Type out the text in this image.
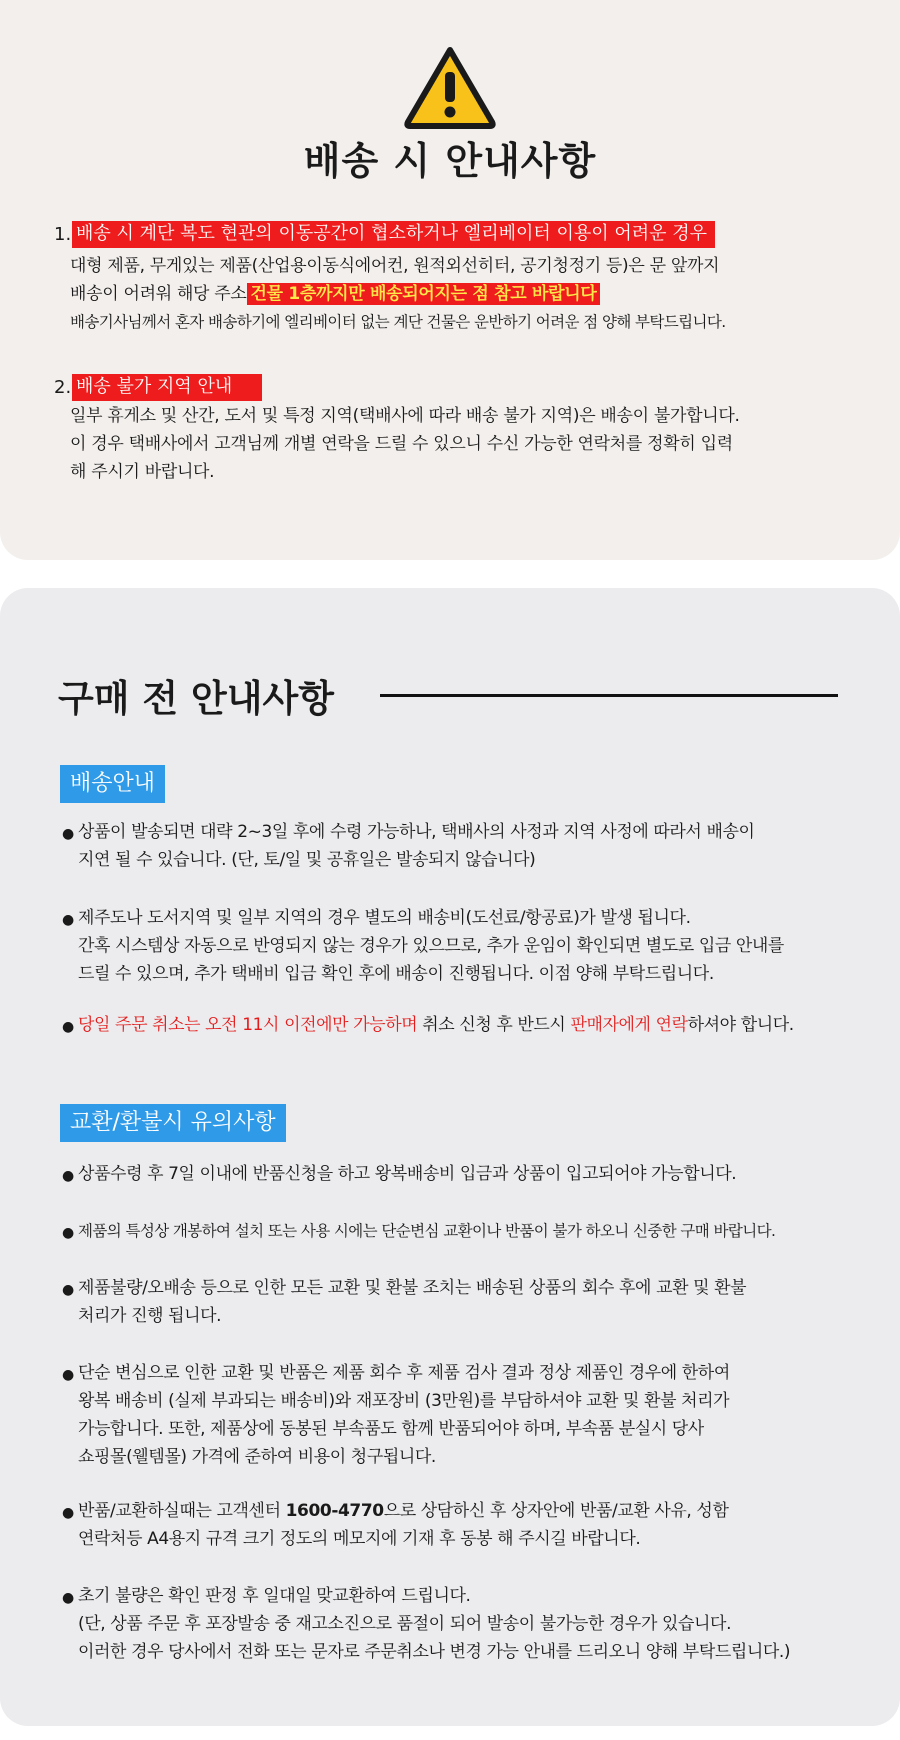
배송 시 안내사항
1. 배송 시 계단 복도 현관의 이동공간이 협소하거나 엘리베이터 이용이 어려운 경우
대형 제품, 무게있는 제품(산업용이동식에어컨, 원적외선히터, 공기청정기 등)은 문 앞까지
배송이 어려워 해당 주소 건물 1층까지만 배송되어지는 점 참고 바랍니다
배송기사님께서 혼자 배송하기에 엘리베이터 없는 계단 건물은 운반하기 어려운 점 양해 부탁드립니다.
2. 배송 불가 지역 안내
일부 휴게소 및 산간, 도서 및 특정 지역(택배사에 따라 배송 불가 지역)은 배송이 불가합니다.
이 경우 택배사에서 고객님께 개별 연락을 드릴 수 있으니 수신 가능한 연락처를 정확히 입력
해 주시기 바랍니다.
구매 전 안내사항
배송안내
● 상품이 발송되면 대략 2~3일 후에 수령 가능하나, 택배사의 사정과 지역 사정에 따라서 배송이
지연 될 수 있습니다. (단, 토/일 및 공휴일은 발송되지 않습니다)
● 제주도나 도서지역 및 일부 지역의 경우 별도의 배송비(도선료/항공료)가 발생 됩니다.
간혹 시스템상 자동으로 반영되지 않는 경우가 있으므로, 추가 운임이 확인되면 별도로 입금 안내를
드릴 수 있으며, 추가 택배비 입금 확인 후에 배송이 진행됩니다. 이점 양해 부탁드립니다.
● 당일 주문 취소는 오전 11시 이전에만 가능하며 취소 신청 후 반드시 판매자에게 연락하셔야 합니다.
교환/환불시 유의사항
● 상품수령 후 7일 이내에 반품신청을 하고 왕복배송비 입금과 상품이 입고되어야 가능합니다.
● 제품의 특성상 개봉하여 설치 또는 사용 시에는 단순변심 교환이나 반품이 불가 하오니 신중한 구매 바랍니다.
● 제품불량/오배송 등으로 인한 모든 교환 및 환불 조치는 배송된 상품의 회수 후에 교환 및 환불
처리가 진행 됩니다.
● 단순 변심으로 인한 교환 및 반품은 제품 회수 후 제품 검사 결과 정상 제품인 경우에 한하여
왕복 배송비 (실제 부과되는 배송비)와 재포장비 (3만원)를 부담하셔야 교환 및 환불 처리가
가능합니다. 또한, 제품상에 동봉된 부속품도 함께 반품되어야 하며, 부속품 분실시 당사
쇼핑몰(웰템몰) 가격에 준하여 비용이 청구됩니다.
● 반품/교환하실때는 고객센터 1600-4770으로 상담하신 후 상자안에 반품/교환 사유, 성함
연락처등 A4용지 규격 크기 정도의 메모지에 기재 후 동봉 해 주시길 바랍니다.
● 초기 불량은 확인 판정 후 일대일 맞교환하여 드립니다.
(단, 상품 주문 후 포장발송 중 재고소진으로 품절이 되어 발송이 불가능한 경우가 있습니다.
이러한 경우 당사에서 전화 또는 문자로 주문취소나 변경 가능 안내를 드리오니 양해 부탁드립니다.)
